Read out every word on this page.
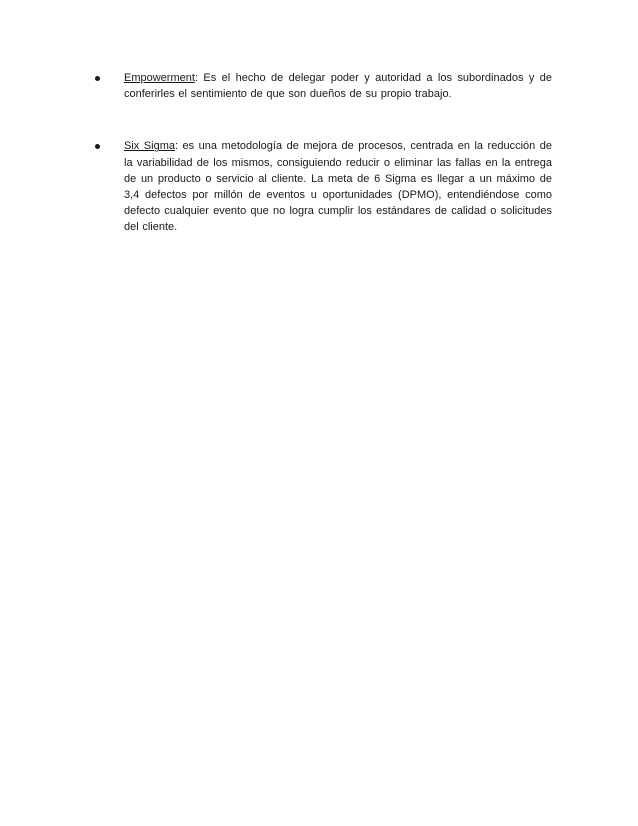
Empowerment: Es el hecho de delegar poder y autoridad a los subordinados y de conferirles el sentimiento de que son dueños de su propio trabajo.
Six Sigma: es una metodología de mejora de procesos, centrada en la reducción de la variabilidad de los mismos, consiguiendo reducir o eliminar las fallas en la entrega de un producto o servicio al cliente. La meta de 6 Sigma es llegar a un máximo de 3,4 defectos por millón de eventos u oportunidades (DPMO), entendiéndose como defecto cualquier evento que no logra cumplir los estándares de calidad o solicitudes del cliente.
